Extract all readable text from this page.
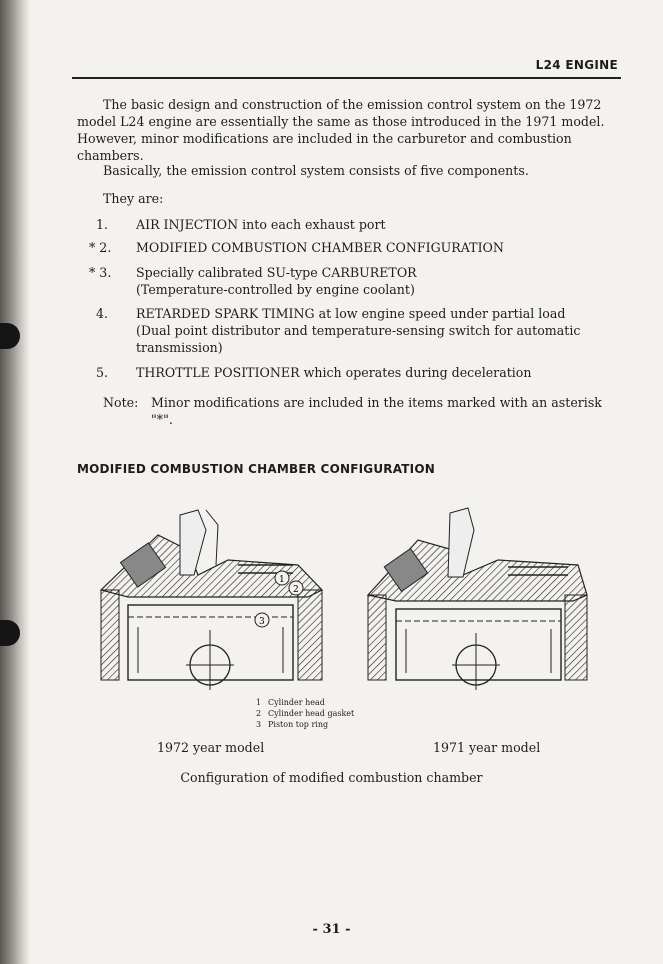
L24 ENGINE

The basic design and construction of the emission control system on the 1972 model L24 engine are essentially the same as those introduced in the 1971 model. However, minor modifications are included in the carburetor and combustion chambers.

Basically, the emission control system consists of five components.

They are:

1.	AIR INJECTION into each exhaust port
* 2.	MODIFIED COMBUSTION CHAMBER CONFIGURATION
* 3.	Specially calibrated SU-type CARBURETOR
(Temperature-controlled by engine coolant)
4.	RETARDED SPARK TIMING at low engine speed under partial load
(Dual point distributor and temperature-sensing switch for automatic
transmission)
5.	THROTTLE POSITIONER which operates during deceleration
Note: Minor modifications are included in the items marked with an asterisk
"*".
MODIFIED COMBUSTION CHAMBER CONFIGURATION
1
2
3
1 Cylinder head
2 Cylinder head gasket
3 Piston top ring
1972 year model	1971 year model
Configuration of modified combustion chamber
- 31 -
